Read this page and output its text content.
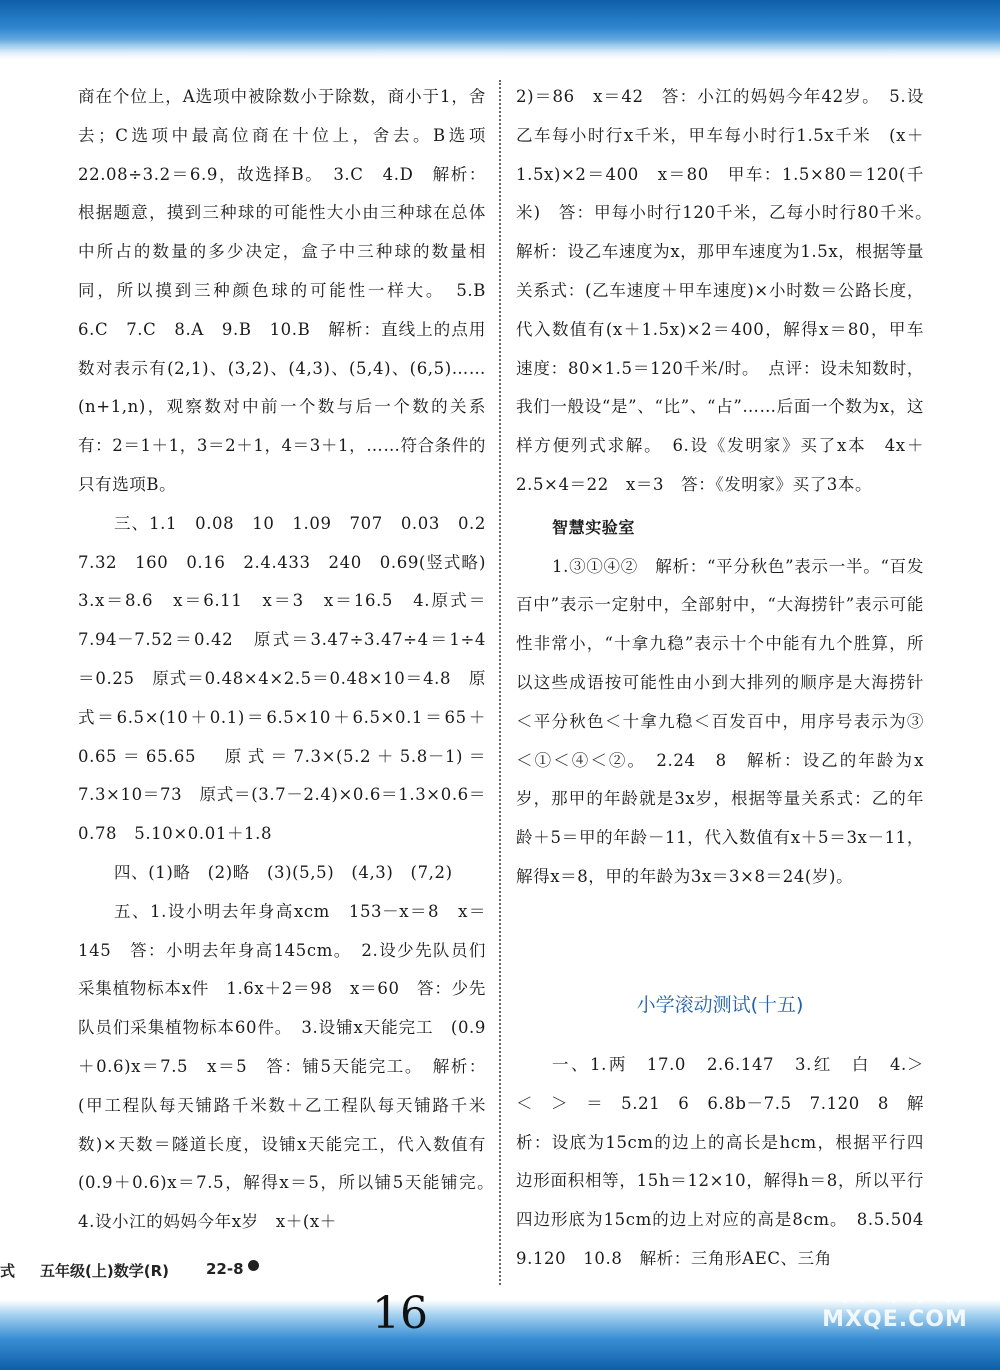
商在个位上，A选项中被除数小于除数，商小于1，舍去；C选项中最高位商在十位上，舍去。B选项22.08÷3.2＝6.9，故选择B。　3.C　4.D　解析：根据题意，摸到三种球的可能性大小由三种球在总体中所占的数量的多少决定，盒子中三种球的数量相同，所以摸到三种颜色球的可能性一样大。　5.B　6.C　7.C　8.A　9.B　10.B　解析：直线上的点用数对表示有(2,1)、(3,2)、(4,3)、(5,4)、(6,5)……(n+1,n)，观察数对中前一个数与后一个数的关系有：2＝1＋1，3＝2＋1，4＝3＋1，……符合条件的只有选项B。

三、1.1　0.08　10　1.09　707　0.03　0.2　7.32　160　0.16　2.4.433　240　0.69(竖式略)　3.x＝8.6　x＝6.11　x＝3　x＝16.5　4.原式＝7.94－7.52＝0.42　原式＝3.47÷3.47÷4＝1÷4＝0.25　原式＝0.48×4×2.5＝0.48×10＝4.8　原式＝6.5×(10＋0.1)＝6.5×10＋6.5×0.1＝65＋0.65＝65.65　原式＝7.3×(5.2＋5.8－1)＝7.3×10＝73　原式＝(3.7－2.4)×0.6＝1.3×0.6＝0.78　5.10×0.01＋1.8

四、(1)略　(2)略　(3)(5,5)　(4,3)　(7,2)

五、1.设小明去年身高xcm　153－x＝8　x＝145　答：小明去年身高145cm。　2.设少先队员们采集植物标本x件　1.6x＋2＝98　x＝60　答：少先队员们采集植物标本60件。　3.设铺x天能完工　(0.9＋0.6)x＝7.5　x＝5　答：铺5天能完工。　解析：(甲工程队每天铺路千米数＋乙工程队每天铺路千米数)×天数＝隧道长度，设铺x天能完工，代入数值有(0.9＋0.6)x＝7.5，解得x＝5，所以铺5天能铺完。　4.设小江的妈妈今年x岁　x＋(x＋

2)＝86　x＝42　答：小江的妈妈今年42岁。　5.设乙车每小时行x千米，甲车每小时行1.5x千米　(x＋1.5x)×2＝400　x＝80　甲车：1.5×80＝120(千米)　答：甲每小时行120千米，乙每小时行80千米。　解析：设乙车速度为x，那甲车速度为1.5x，根据等量关系式：(乙车速度＋甲车速度)×小时数＝公路长度，代入数值有(x＋1.5x)×2＝400，解得x＝80，甲车速度：80×1.5＝120千米/时。　点评：设未知数时，我们一般设“是”、“比”、“占”……后面一个数为x，这样方便列式求解。　6.设《发明家》买了x本　4x＋2.5×4＝22　x＝3　答：《发明家》买了3本。

智慧实验室

1.③①④②　解析：“平分秋色”表示一半。“百发百中”表示一定射中，全部射中，“大海捞针”表示可能性非常小，“十拿九稳”表示十个中能有九个胜算，所以这些成语按可能性由小到大排列的顺序是大海捞针＜平分秋色＜十拿九稳＜百发百中，用序号表示为③＜①＜④＜②。　2.24　8　解析：设乙的年龄为x岁，那甲的年龄就是3x岁，根据等量关系式：乙的年龄＋5＝甲的年龄－11，代入数值有x＋5＝3x－11，解得x＝8，甲的年龄为3x＝3×8＝24(岁)。

小学滚动测试(十五)

一、1.两　17.0　2.6.147　3.红　白　4.＞　＜　＞　＝　5.21　6　6.8b－7.5　7.120　8　解析：设底为15cm的边上的高长是hcm，根据平行四边形面积相等，15h＝12×10，解得h＝8，所以平行四边形底为15cm的边上对应的高是8cm。　8.5.504　9.120　10.8　解析：三角形AEC、三角

式 五年级(上)数学(R) 22-8
16
答案圈
MXQE.COM
